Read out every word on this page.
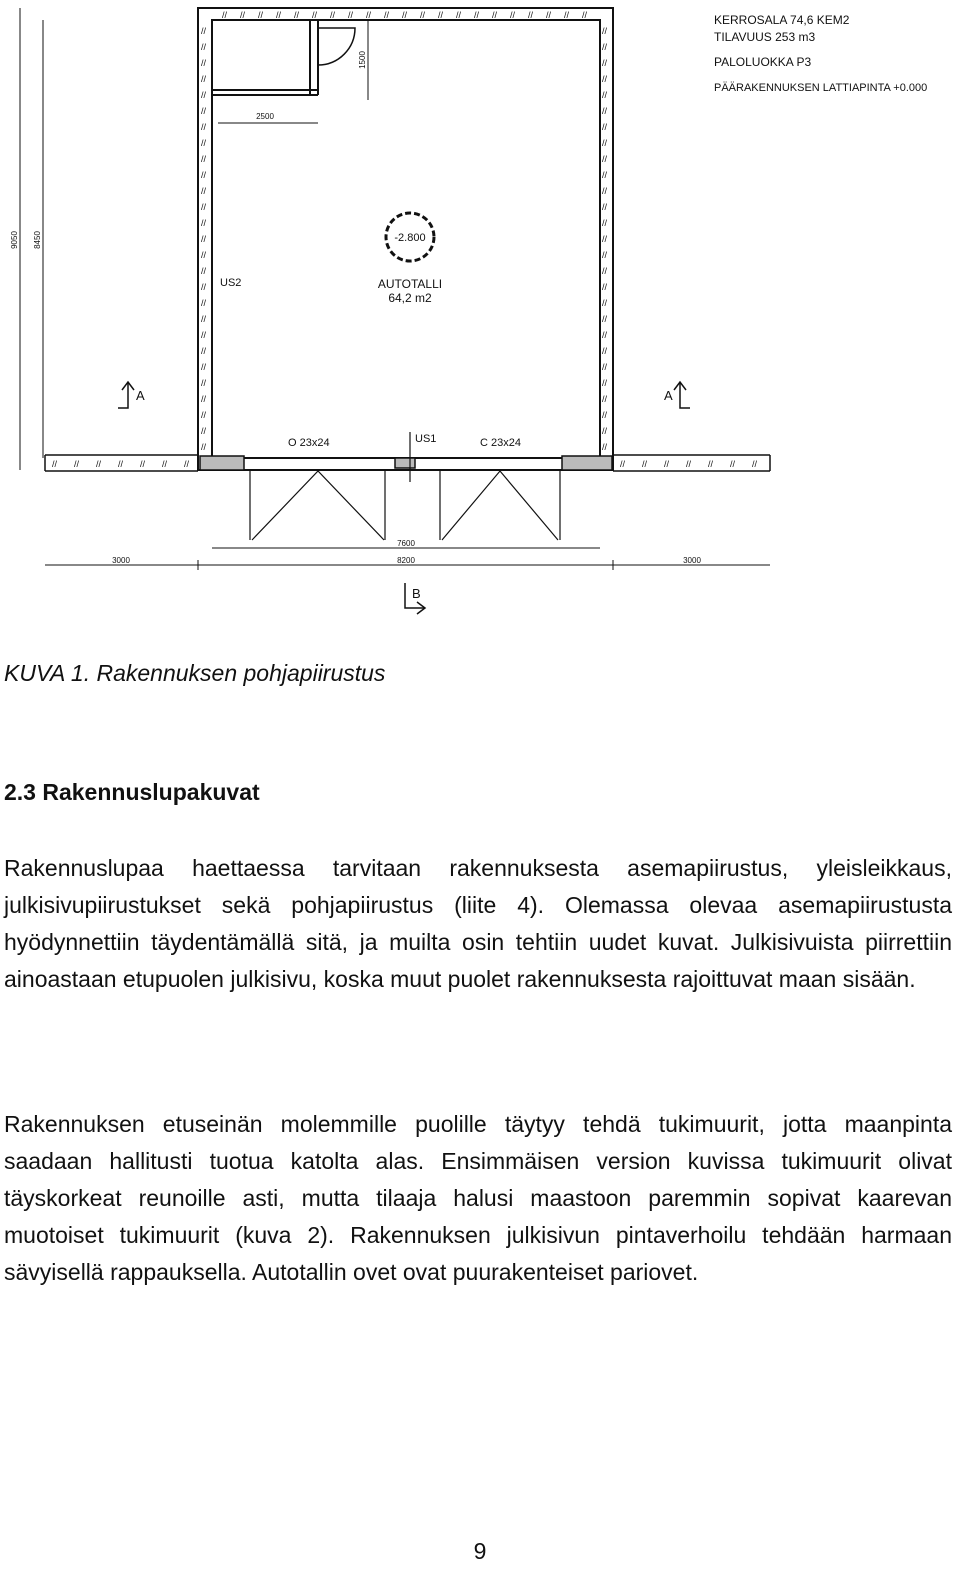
// // // // // // // // // // // // // // // // // // // // //
//	//
//	//
//	//
//	//
//	//
//	//
//	//
//	//
//	//
//	//
//	//
//	//
//	//
//	//
//	//
//	//
//	//
//	//
//	//
//	//
//	//
//	//
//	//
//	//
//	//
//	//
//	//
// // // // // // //	// // // // // // //
KERROSALA 74,6 KEM2
TILAVUUS 253 m3
PALOLUOKKA P3
PÄÄRAKENNUKSEN LATTIAPINTA +0.000
-2.800
AUTOTALLI
64,2 m2
US2
US1
O 23x24	C 23x24
A	A
B
7600
8200
3000	3000
2500
9050 8450
1500

KUVA 1. Rakennuksen pohjapiirustus

2.3 Rakennuslupakuvat

Rakennuslupaa haettaessa tarvitaan rakennuksesta asemapiirustus, yleisleikkaus, julkisivupiirustukset sekä pohjapiirustus (liite 4). Olemassa olevaa asemapiirustusta hyödynnettiin täydentämällä sitä, ja muilta osin tehtiin uudet kuvat. Julkisivuista piirrettiin ainoastaan etupuolen julkisivu, koska muut puolet rakennuksesta rajoittuvat maan sisään.

Rakennuksen etuseinän molemmille puolille täytyy tehdä tukimuurit, jotta maanpinta saadaan hallitusti tuotua katolta alas. Ensimmäisen version kuvissa tukimuurit olivat täyskorkeat reunoille asti, mutta tilaaja halusi maastoon paremmin sopivat kaarevan muotoiset tukimuurit (kuva 2). Rakennuksen julkisivun pintaverhoilu tehdään harmaan sävyisellä rappauksella. Autotallin ovet ovat puurakenteiset pariovet.

9
